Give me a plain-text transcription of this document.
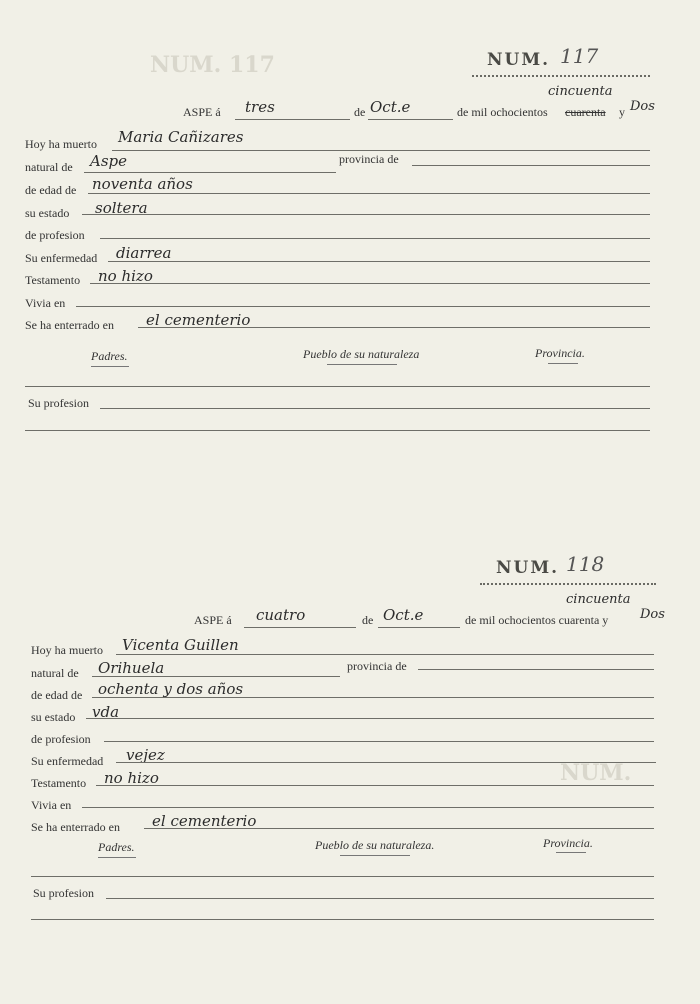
NUM. 117
NUM.
NUM. 117
cincuenta
ASPE á tres	de Oct.e	de mil ochocientos cuarenta y Dos
Hoy ha muerto Maria Cañizares
natural de Aspe	provincia de
de edad de noventa años
su estado soltera
de profesion
Su enfermedad diarrea
Testamento no hizo
Vivia en
Se ha enterrado en el cementerio
Padres.	Pueblo de su naturaleza	Provincia.
Su profesion
NUM. 118
cincuenta
ASPE á cuatro	de Oct.e	de mil ochocientos cuarenta y Dos
Hoy ha muerto Vicenta Guillen
natural de Orihuela	provincia de
de edad de ochenta y dos años
su estado vda
de profesion
Su enfermedad vejez
Testamento no hizo
Vivia en
Se ha enterrado en el cementerio
Padres.	Pueblo de su naturaleza.	Provincia.
Su profesion
